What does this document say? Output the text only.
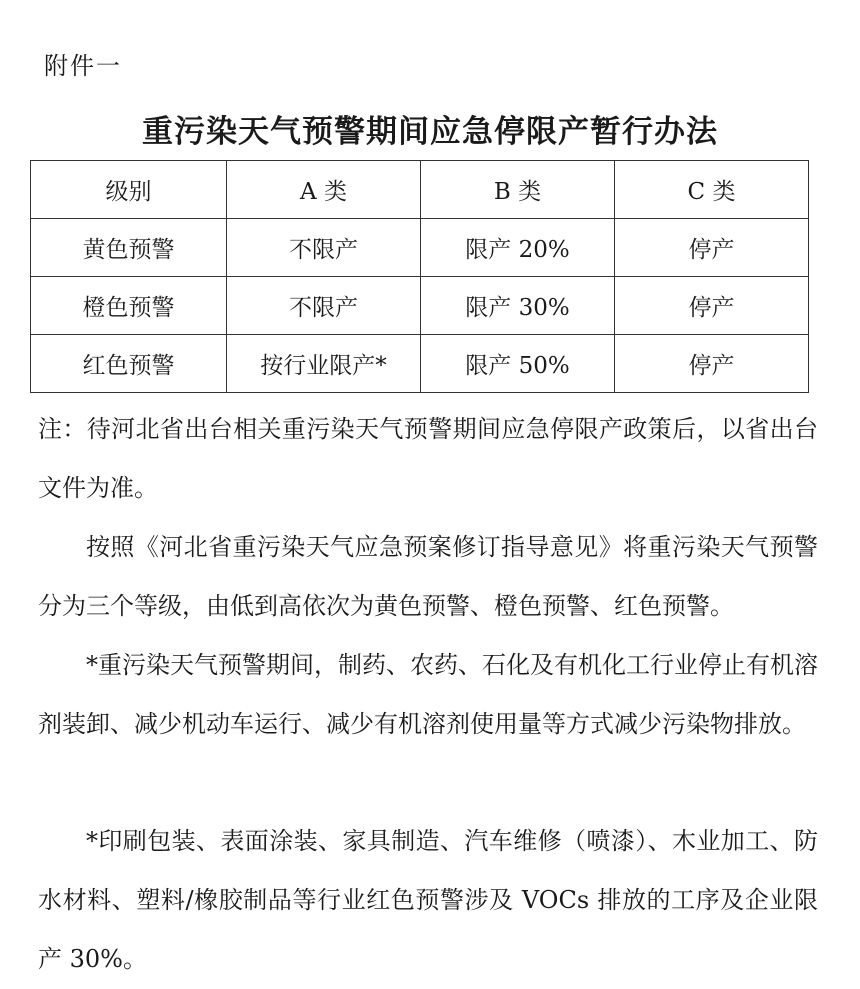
附件一
重污染天气预警期间应急停限产暂行办法
级别	A 类	B 类	C 类
黄色预警	不限产	限产 20%	停产
橙色预警	不限产	限产 30%	停产
红色预警	按行业限产*	限产 50%	停产
注：待河北省出台相关重污染天气预警期间应急停限产政策后，以省出台文件为准。
按照《河北省重污染天气应急预案修订指导意见》将重污染天气预警分为三个等级，由低到高依次为黄色预警、橙色预警、红色预警。
*重污染天气预警期间，制药、农药、石化及有机化工行业停止有机溶剂装卸、减少机动车运行、减少有机溶剂使用量等方式减少污染物排放。
*印刷包装、表面涂装、家具制造、汽车维修（喷漆）、木业加工、防水材料、塑料/橡胶制品等行业红色预警涉及 VOCs 排放的工序及企业限产 30%。
